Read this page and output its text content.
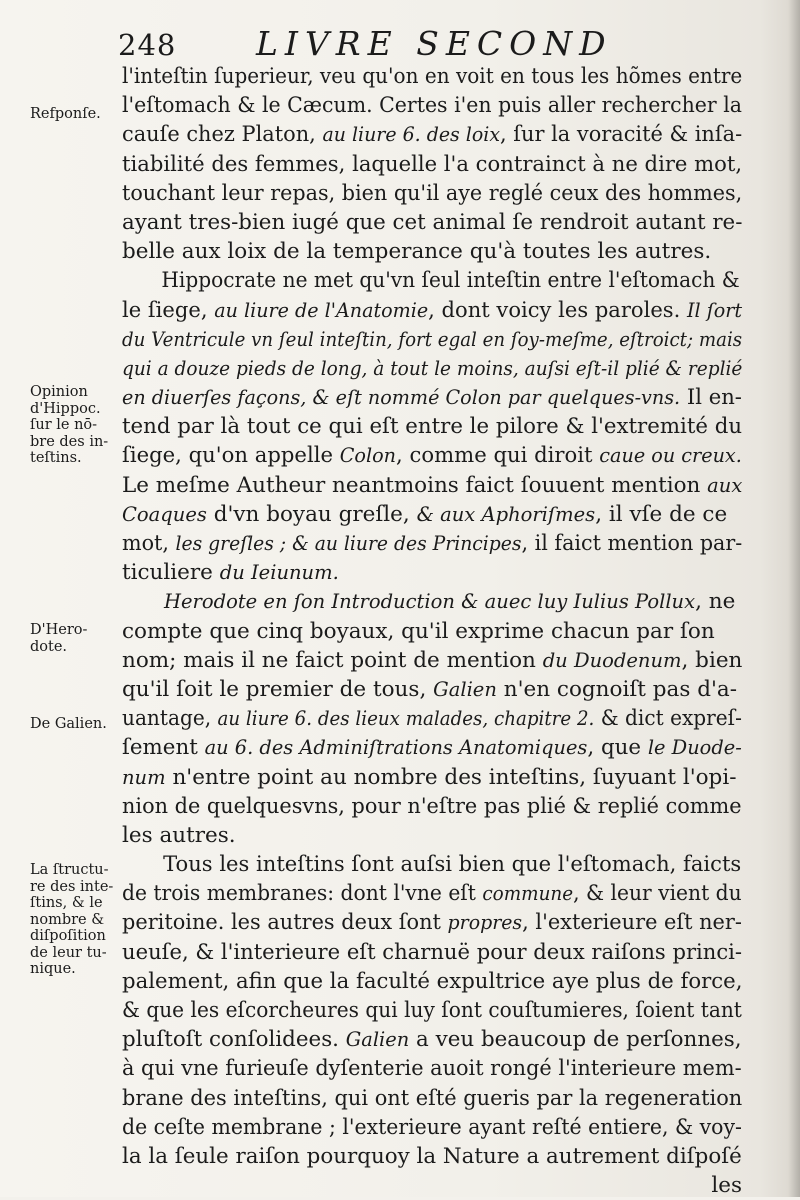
248 LIVRE SECOND
Refponſe.
Opinion
d'Hippoc.
ſur le nō-
bre des in-
teſtins.
D'Hero-
dote.
De Galien.
La ſtructu-
re des inte-
ſtins, & le
nombre &
diſpoſition
de leur tu-
nique.
l'inteſtin ſuperieur, veu qu'on en voit en tous les hõmes entre
l'eſtomach & le Cæcum. Certes i'en puis aller rechercher la
cauſe chez Platon, au liure 6. des loix, ſur la voracité & inſa-
tiabilité des femmes, laquelle l'a contrainct à ne dire mot,
touchant leur repas, bien qu'il aye reglé ceux des hommes,
ayant tres-bien iugé que cet animal ſe rendroit autant re-
belle aux loix de la temperance qu'à toutes les autres.
Hippocrate ne met qu'vn ſeul inteſtin entre l'eſtomach &
le ſiege, au liure de l'Anatomie, dont voicy les paroles. Il ſort
du Ventricule vn ſeul inteſtin, fort egal en ſoy-meſme, eſtroict; mais
qui a douze pieds de long, à tout le moins, auſsi eſt-il plié & replié
en diuerſes façons, & eſt nommé Colon par quelques-vns. Il en-
tend par là tout ce qui eſt entre le pilore & l'extremité du
ſiege, qu'on appelle Colon, comme qui diroit caue ou creux.
Le meſme Autheur neantmoins faict ſouuent mention aux
Coaques d'vn boyau greſle, & aux Aphoriſmes, il vſe de ce
mot, les greſles ; & au liure des Principes, il faict mention par-
ticuliere du Ieiunum.
Herodote en ſon Introduction & auec luy Iulius Pollux, ne
compte que cinq boyaux, qu'il exprime chacun par ſon
nom; mais il ne faict point de mention du Duodenum, bien
qu'il ſoit le premier de tous, Galien n'en cognoiſt pas d'a-
uantage, au liure 6. des lieux malades, chapitre 2. & dict expreſ-
ſement au 6. des Adminiſtrations Anatomiques, que le Duode-
num n'entre point au nombre des inteſtins, ſuyuant l'opi-
nion de quelquesvns, pour n'eſtre pas plié & replié comme
les autres.
Tous les inteſtins ſont auſsi bien que l'eſtomach, faicts
de trois membranes: dont l'vne eſt commune, & leur vient du
peritoine. les autres deux ſont propres, l'exterieure eſt ner-
ueuſe, & l'interieure eſt charnuë pour deux raiſons princi-
palement, afin que la faculté expultrice aye plus de force,
& que les eſcorcheures qui luy ſont couſtumieres, ſoient tant
pluſtoſt conſolidees. Galien a veu beaucoup de perſonnes,
à qui vne furieuſe dyſenterie auoit rongé l'interieure mem-
brane des inteſtins, qui ont eſté gueris par la regeneration
de ceſte membrane ; l'exterieure ayant reſté entiere, & voy-
la la ſeule raiſon pourquoy la Nature a autrement diſpoſé
les
